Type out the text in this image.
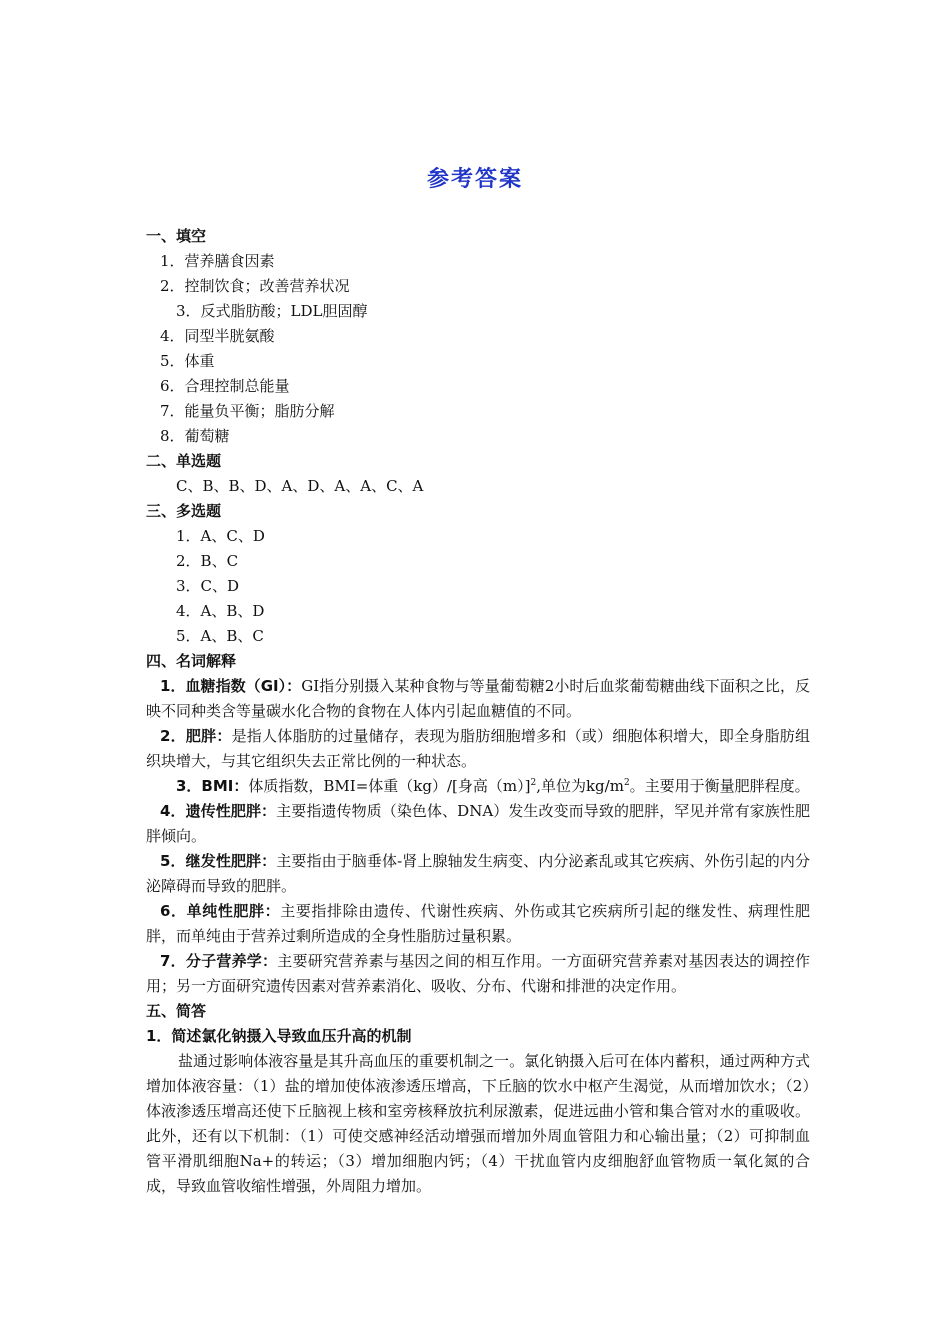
参考答案
一、填空
1．营养膳食因素
2．控制饮食；改善营养状况
3．反式脂肪酸；LDL胆固醇
4．同型半胱氨酸
5．体重
6．合理控制总能量
7．能量负平衡；脂肪分解
8．葡萄糖
二、单选题
C、B、B、D、A、D、A、A、C、A
三、多选题
1．A、C、D
2．B、C
3．C、D
4．A、B、D
5．A、B、C
四、名词解释
1．血糖指数（GI）：GI指分别摄入某种食物与等量葡萄糖2小时后血浆葡萄糖曲线下面积之比，反映不同种类含等量碳水化合物的食物在人体内引起血糖值的不同。
2．肥胖：是指人体脂肪的过量储存，表现为脂肪细胞增多和（或）细胞体积增大，即全身脂肪组织块增大，与其它组织失去正常比例的一种状态。
3．BMI：体质指数，BMI=体重（kg）/[身高（m）]$^2$,单位为$kg/m^2$。主要用于衡量肥胖程度。
4．遗传性肥胖：主要指遗传物质（染色体、DNA）发生改变而导致的肥胖，罕见并常有家族性肥胖倾向。
5．继发性肥胖：主要指由于脑垂体-肾上腺轴发生病变、内分泌紊乱或其它疾病、外伤引起的内分泌障碍而导致的肥胖。
6．单纯性肥胖：主要指排除由遗传、代谢性疾病、外伤或其它疾病所引起的继发性、病理性肥胖，而单纯由于营养过剩所造成的全身性脂肪过量积累。
7．分子营养学：主要研究营养素与基因之间的相互作用。一方面研究营养素对基因表达的调控作用；另一方面研究遗传因素对营养素消化、吸收、分布、代谢和排泄的决定作用。
五、简答
1．简述氯化钠摄入导致血压升高的机制
盐通过影响体液容量是其升高血压的重要机制之一。氯化钠摄入后可在体内蓄积，通过两种方式增加体液容量：（1）盐的增加使体液渗透压增高，下丘脑的饮水中枢产生渴觉，从而增加饮水；（2）体液渗透压增高还使下丘脑视上核和室旁核释放抗利尿激素，促进远曲小管和集合管对水的重吸收。此外，还有以下机制：（1）可使交感神经活动增强而增加外周血管阻力和心输出量；（2）可抑制血管平滑肌细胞Na+的转运；（3）增加细胞内钙；（4）干扰血管内皮细胞舒血管物质一氧化氮的合成，导致血管收缩性增强，外周阻力增加。
